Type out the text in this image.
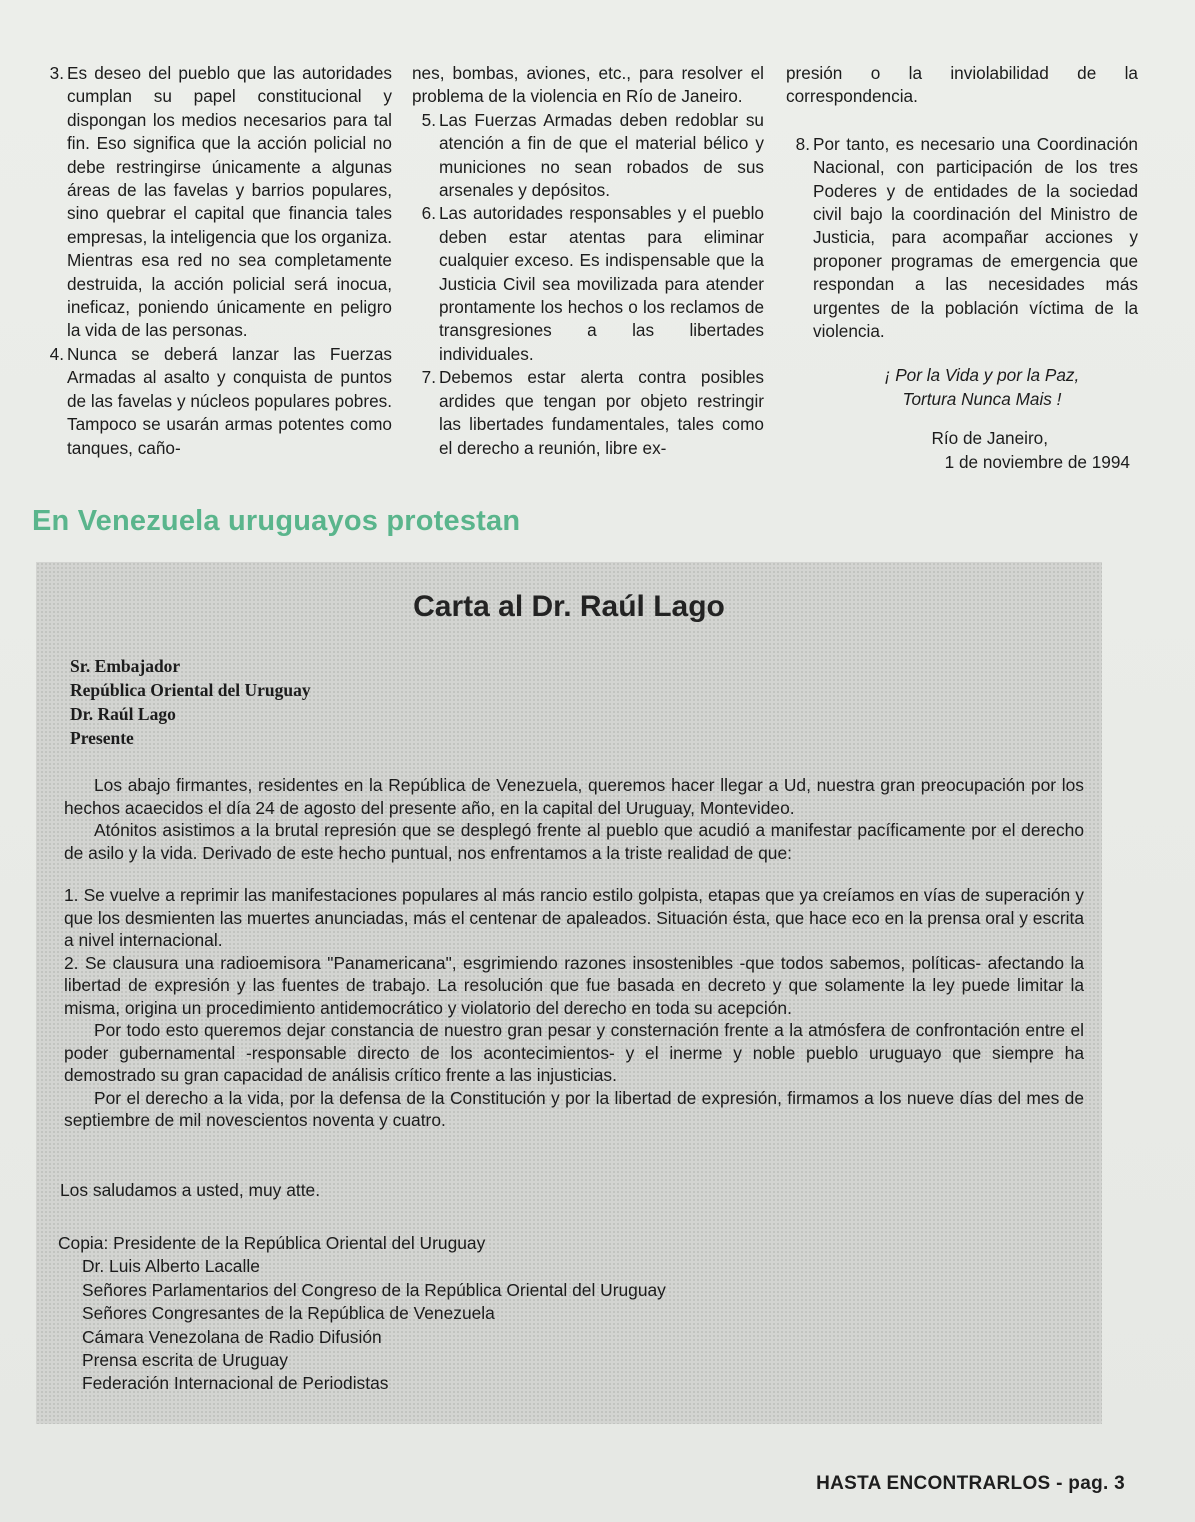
3. Es deseo del pueblo que las autoridades cumplan su papel constitucional y dispongan los medios necesarios para tal fin. Eso significa que la acción policial no debe restringirse únicamente a algunas áreas de las favelas y barrios populares, sino quebrar el capital que financia tales empresas, la inteligencia que los organiza. Mientras esa red no sea completamente destruida, la acción policial será inocua, ineficaz, poniendo únicamente en peligro la vida de las personas.
4. Nunca se deberá lanzar las Fuerzas Armadas al asalto y conquista de puntos de las favelas y núcleos populares pobres. Tampoco se usarán armas potentes como tanques, caño-
nes, bombas, aviones, etc., para resolver el problema de la violencia en Río de Janeiro.
5. Las Fuerzas Armadas deben redoblar su atención a fin de que el material bélico y municiones no sean robados de sus arsenales y depósitos.
6. Las autoridades responsables y el pueblo deben estar atentas para eliminar cualquier exceso. Es indispensable que la Justicia Civil sea movilizada para atender prontamente los hechos o los reclamos de transgresiones a las libertades individuales.
7. Debemos estar alerta contra posibles ardides que tengan por objeto restringir las libertades fundamentales, tales como el derecho a reunión, libre ex-
presión o la inviolabilidad de la correspondencia.
8. Por tanto, es necesario una Coordinación Nacional, con participación de los tres Poderes y de entidades de la sociedad civil bajo la coordinación del Ministro de Justicia, para acompañar acciones y proponer programas de emergencia que respondan a las necesidades más urgentes de la población víctima de la violencia.
¡ Por la Vida y por la Paz,
Tortura Nunca Mais !
Río de Janeiro,
1 de noviembre de 1994
En Venezuela uruguayos protestan
Carta al Dr. Raúl Lago
Sr. Embajador
República Oriental del Uruguay
Dr. Raúl Lago
Presente

Los abajo firmantes, residentes en la República de Venezuela, queremos hacer llegar a Ud, nuestra gran preocupación por los hechos acaecidos el día 24 de agosto del presente año, en la capital del Uruguay, Montevideo.

Atónitos asistimos a la brutal represión que se desplegó frente al pueblo que acudió a manifestar pacíficamente por el derecho de asilo y la vida. Derivado de este hecho puntual, nos enfrentamos a la triste realidad de que:

1. Se vuelve a reprimir las manifestaciones populares al más rancio estilo golpista, etapas que ya creíamos en vías de superación y que los desmienten las muertes anunciadas, más el centenar de apaleados. Situación ésta, que hace eco en la prensa oral y escrita a nivel internacional.

2. Se clausura una radioemisora "Panamericana", esgrimiendo razones insostenibles -que todos sabemos, políticas- afectando la libertad de expresión y las fuentes de trabajo. La resolución que fue basada en decreto y que solamente la ley puede limitar la misma, origina un procedimiento antidemocrático y violatorio del derecho en toda su acepción.

Por todo esto queremos dejar constancia de nuestro gran pesar y consternación frente a la atmósfera de confrontación entre el poder gubernamental -responsable directo de los acontecimientos- y el inerme y noble pueblo uruguayo que siempre ha demostrado su gran capacidad de análisis crítico frente a las injusticias.

Por el derecho a la vida, por la defensa de la Constitución y por la libertad de expresión, firmamos a los nueve días del mes de septiembre de mil novescientos noventa y cuatro.

Los saludamos a usted, muy atte.
Copia: Presidente de la República Oriental del Uruguay
Dr. Luis Alberto Lacalle
Señores Parlamentarios del Congreso de la República Oriental del Uruguay
Señores Congresantes de la República de Venezuela
Cámara Venezolana de Radio Difusión
Prensa escrita de Uruguay
Federación Internacional de Periodistas
HASTA ENCONTRARLOS - pag. 3
